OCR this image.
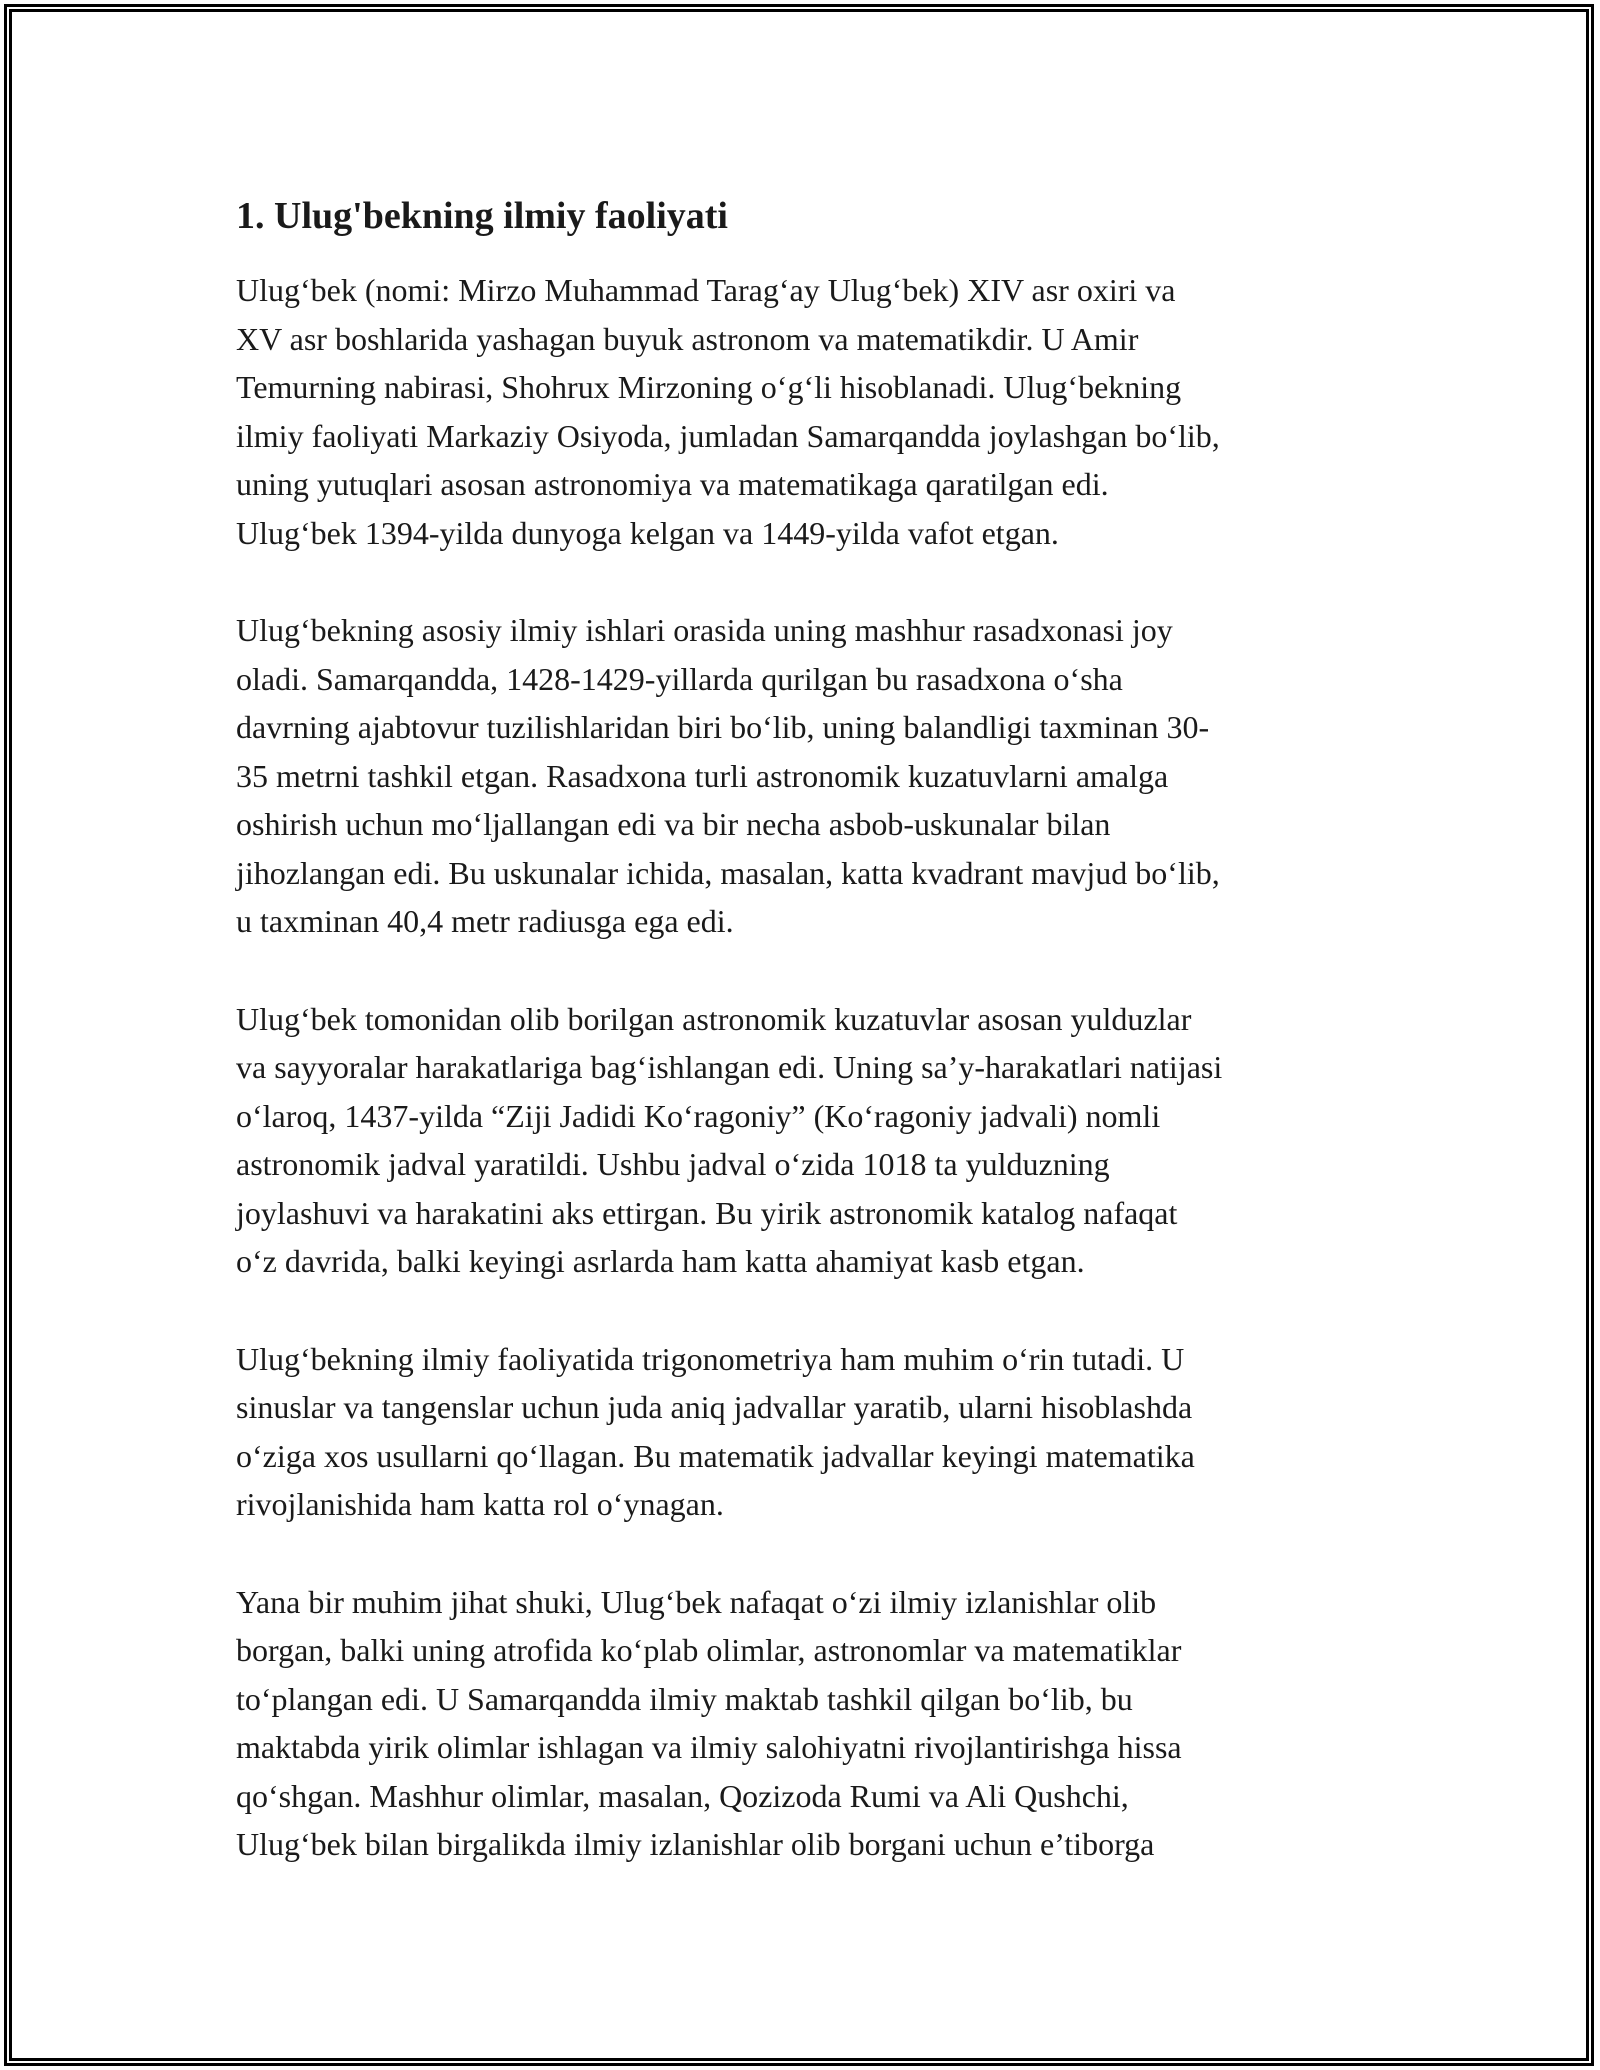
1. Ulug'bekning ilmiy faoliyati

Ulug‘bek (nomi: Mirzo Muhammad Tarag‘ay Ulug‘bek) XIV asr oxiri va
XV asr boshlarida yashagan buyuk astronom va matematikdir. U Amir
Temurning nabirasi, Shohrux Mirzoning o‘g‘li hisoblanadi. Ulug‘bekning
ilmiy faoliyati Markaziy Osiyoda, jumladan Samarqandda joylashgan bo‘lib,
uning yutuqlari asosan astronomiya va matematikaga qaratilgan edi.
Ulug‘bek 1394-yilda dunyoga kelgan va 1449-yilda vafot etgan.

Ulug‘bekning asosiy ilmiy ishlari orasida uning mashhur rasadxonasi joy
oladi. Samarqandda, 1428-1429-yillarda qurilgan bu rasadxona o‘sha
davrning ajabtovur tuzilishlaridan biri bo‘lib, uning balandligi taxminan 30-
35 metrni tashkil etgan. Rasadxona turli astronomik kuzatuvlarni amalga
oshirish uchun mo‘ljallangan edi va bir necha asbob-uskunalar bilan
jihozlangan edi. Bu uskunalar ichida, masalan, katta kvadrant mavjud bo‘lib,
u taxminan 40,4 metr radiusga ega edi.

Ulug‘bek tomonidan olib borilgan astronomik kuzatuvlar asosan yulduzlar
va sayyoralar harakatlariga bag‘ishlangan edi. Uning sa’y-harakatlari natijasi
o‘laroq, 1437-yilda “Ziji Jadidi Ko‘ragoniy” (Ko‘ragoniy jadvali) nomli
astronomik jadval yaratildi. Ushbu jadval o‘zida 1018 ta yulduzning
joylashuvi va harakatini aks ettirgan. Bu yirik astronomik katalog nafaqat
o‘z davrida, balki keyingi asrlarda ham katta ahamiyat kasb etgan.

Ulug‘bekning ilmiy faoliyatida trigonometriya ham muhim o‘rin tutadi. U
sinuslar va tangenslar uchun juda aniq jadvallar yaratib, ularni hisoblashda
o‘ziga xos usullarni qo‘llagan. Bu matematik jadvallar keyingi matematika
rivojlanishida ham katta rol o‘ynagan.

Yana bir muhim jihat shuki, Ulug‘bek nafaqat o‘zi ilmiy izlanishlar olib
borgan, balki uning atrofida ko‘plab olimlar, astronomlar va matematiklar
to‘plangan edi. U Samarqandda ilmiy maktab tashkil qilgan bo‘lib, bu
maktabda yirik olimlar ishlagan va ilmiy salohiyatni rivojlantirishga hissa
qo‘shgan. Mashhur olimlar, masalan, Qozizoda Rumi va Ali Qushchi,
Ulug‘bek bilan birgalikda ilmiy izlanishlar olib borgani uchun e’tiborga
